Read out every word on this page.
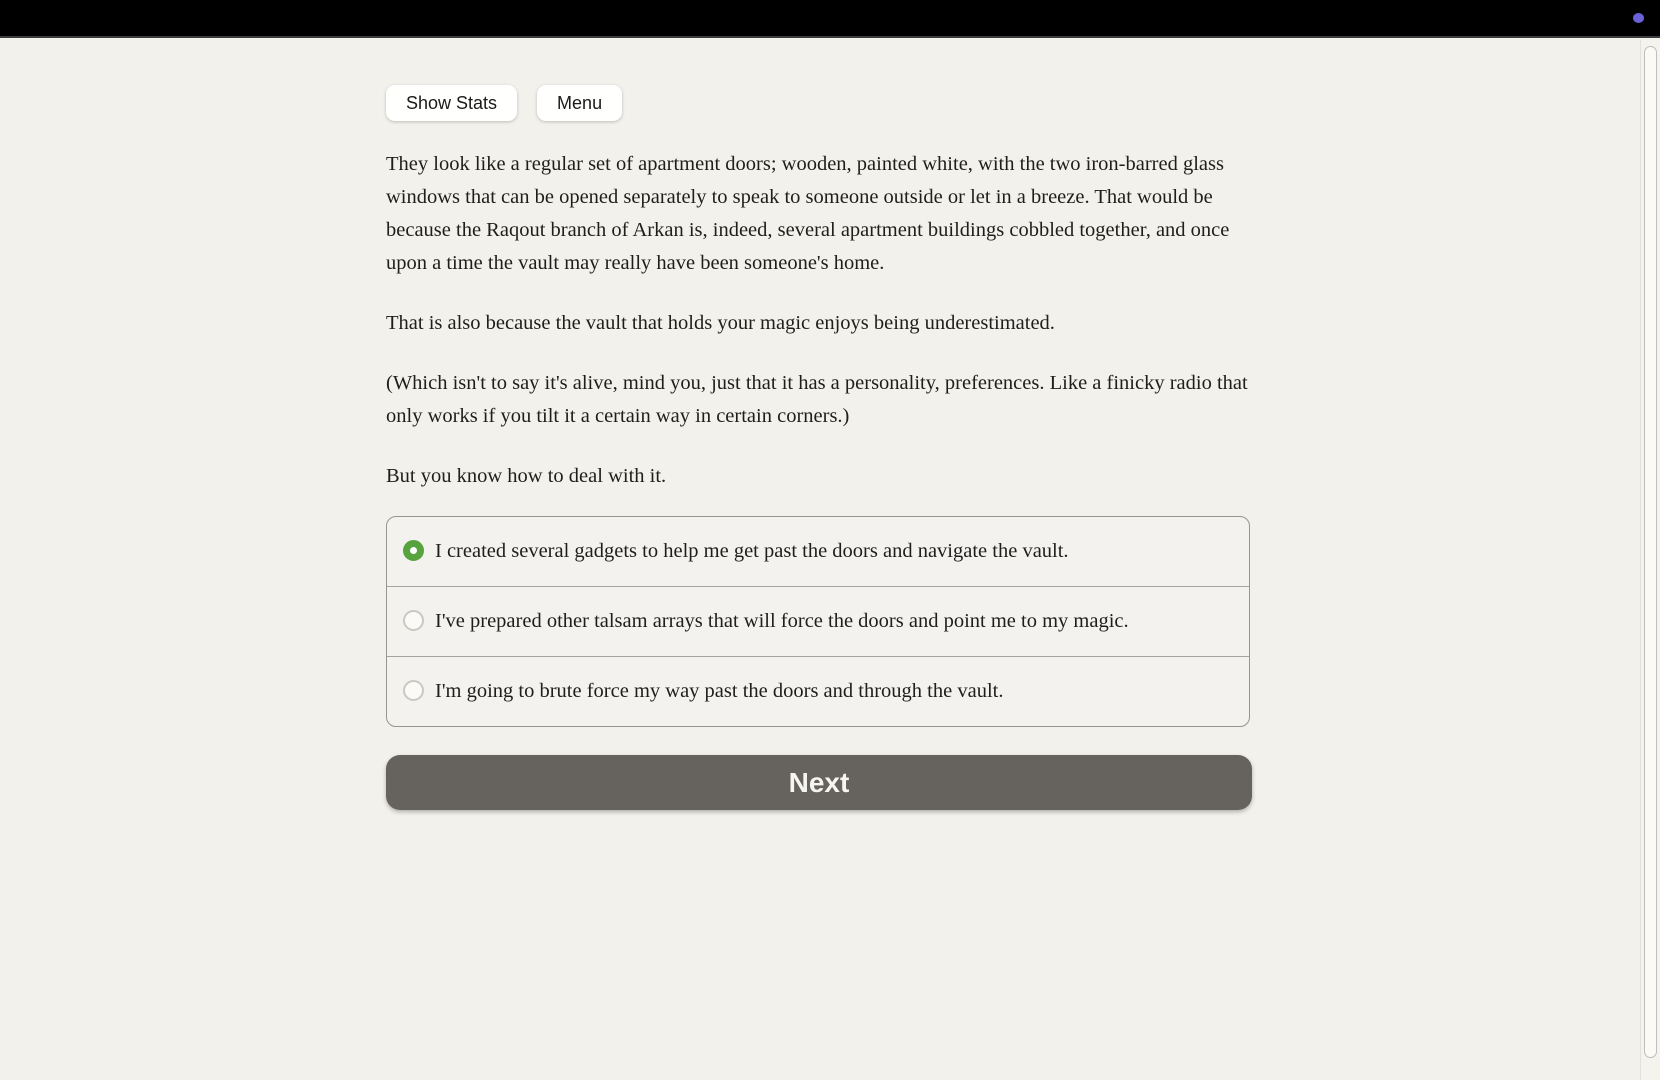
Show Stats	Menu

They look like a regular set of apartment doors; wooden, painted white, with the two iron-barred glass windows that can be opened separately to speak to someone outside or let in a breeze. That would be because the Raqout branch of Arkan is, indeed, several apartment buildings cobbled together, and once upon a time the vault may really have been someone's home.

That is also because the vault that holds your magic enjoys being underestimated.

(Which isn't to say it's alive, mind you, just that it has a personality, preferences. Like a finicky radio that only works if you tilt it a certain way in certain corners.)

But you know how to deal with it.

I created several gadgets to help me get past the doors and navigate the vault.
I've prepared other talsam arrays that will force the doors and point me to my magic.
I'm going to brute force my way past the doors and through the vault.
Next
